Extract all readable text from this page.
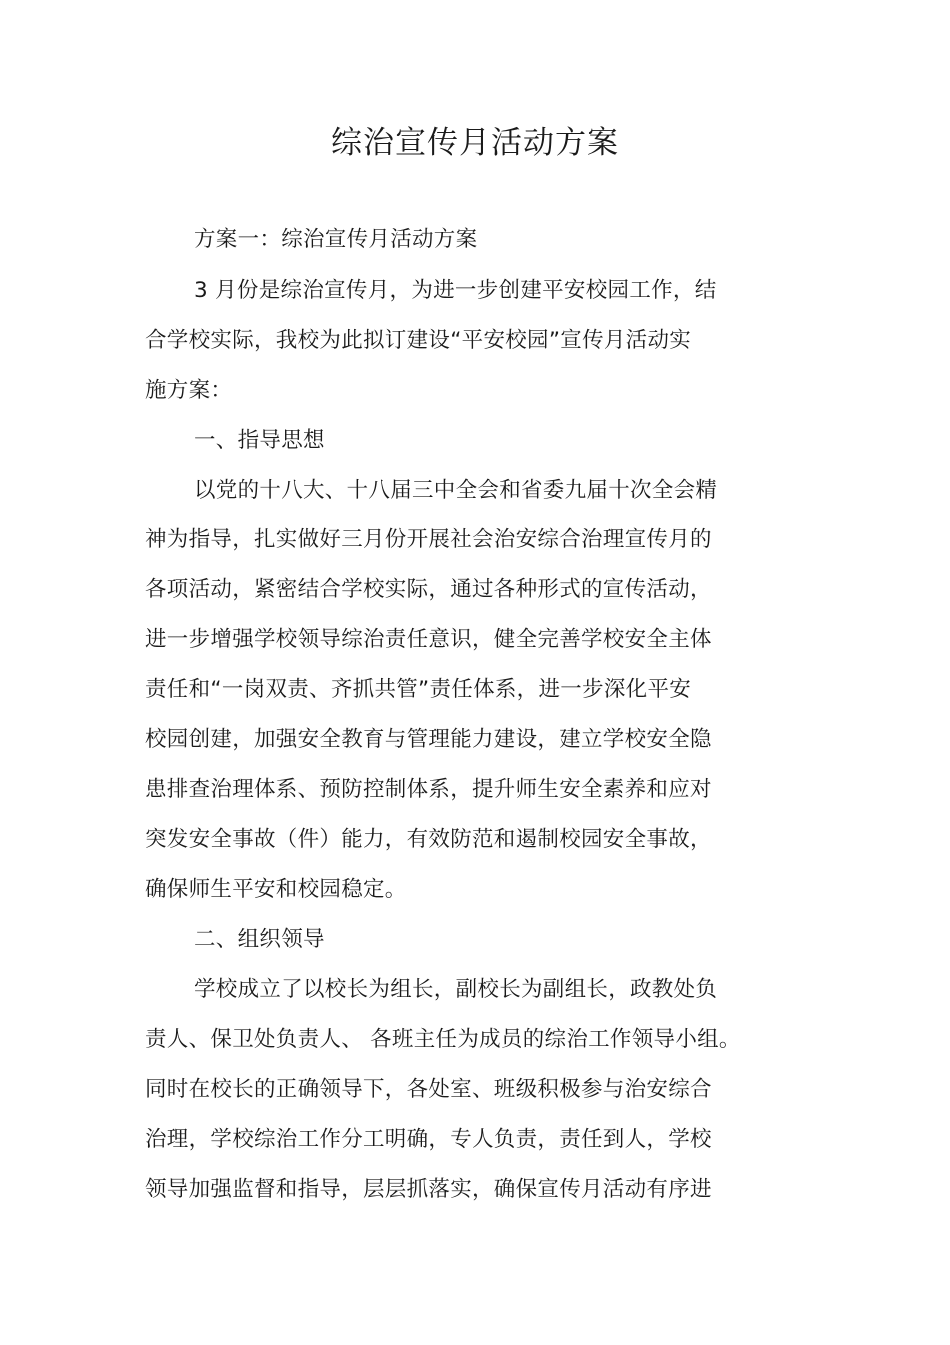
综治宣传月活动方案
方案一：综治宣传月活动方案
3 月份是综治宣传月，为进一步创建平安校园工作，结
合学校实际，我校为此拟订建设“平安校园”宣传月活动实
施方案：
一、指导思想
以党的十八大、十八届三中全会和省委九届十次全会精
神为指导，扎实做好三月份开展社会治安综合治理宣传月的
各项活动，紧密结合学校实际，通过各种形式的宣传活动，
进一步增强学校领导综治责任意识，健全完善学校安全主体
责任和“一岗双责、齐抓共管”责任体系，进一步深化平安
校园创建，加强安全教育与管理能力建设，建立学校安全隐
患排查治理体系、预防控制体系，提升师生安全素养和应对
突发安全事故（件）能力，有效防范和遏制校园安全事故，
确保师生平安和校园稳定。
二、组织领导
学校成立了以校长为组长，副校长为副组长，政教处负
责人、保卫处负责人、 各班主任为成员的综治工作领导小组。
同时在校长的正确领导下，各处室、班级积极参与治安综合
治理，学校综治工作分工明确，专人负责，责任到人，学校
领导加强监督和指导，层层抓落实，确保宣传月活动有序进
